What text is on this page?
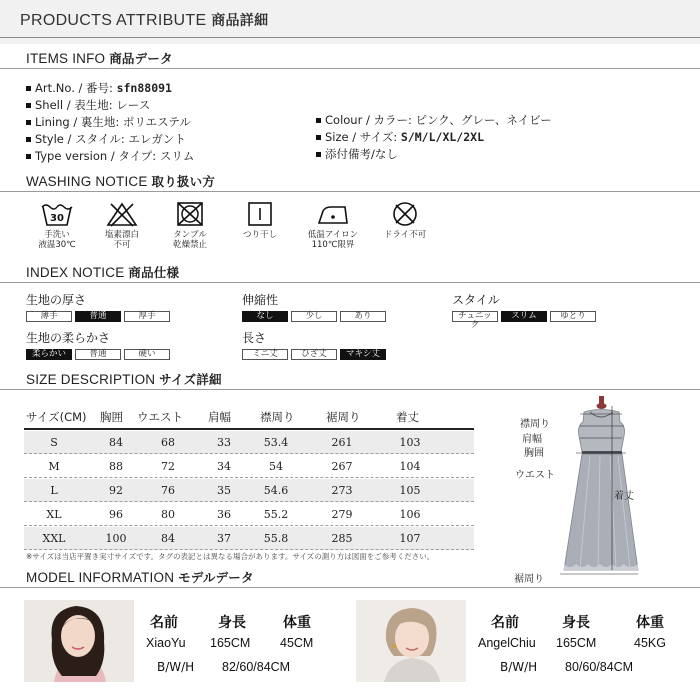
PRODUCTS ATTRIBUTE 商品詳細
ITEMS INFO 商品データ
Art.No. / 番号: sfn88091
Shell / 表生地: レース
Lining / 裏生地: ポリエステル
Style / スタイル: エレガント
Type version / タイプ: スリム
Colour / カラー: ピンク、グレー、ネイビー
Size / サイズ: S/M/L/XL/2XL
添付備考/なし
WASHING NOTICE 取り扱い方
30
手洗い
液温30℃
塩素漂白
不可
タンブル
乾燥禁止
つり干し	低温アイロン
110℃限界
ドライ不可
INDEX NOTICE 商品仕様
生地の厚さ
薄手	普通	厚手
伸縮性
なし	少し	あり
スタイル
チュニック
スリム	ゆとり
生地の柔らかさ
柔らかい	普通	硬い
長さ
ミニ丈	ひざ丈	マキシ丈
SIZE DESCRIPTION サイズ詳細
サイズ(CM) 胸囲 ウエスト 肩幅	襟周り	裾周り	着丈
S	84	68	33	53.4	261	103
M	88	72	34	54	267	104
L	92	76	35	54.6	273	105
XL	96	80	36	55.2	279	106
XXL	100	84	37	55.8	285	107
※サイズは当店平置き実寸サイズです。タグの表記とは異なる場合があります。サイズの測り方は図面をご参考ください。
襟周り
肩幅
胸囲
ウエスト
着丈
裾周り
MODEL INFORMATION モデルデータ
名前	身長	体重
XiaoYu 165CM 45CM
B/W/H 82/60/84CM
名前	身長	体重
AngelChiu 165CM	45KG
B/W/H 80/60/84CM
